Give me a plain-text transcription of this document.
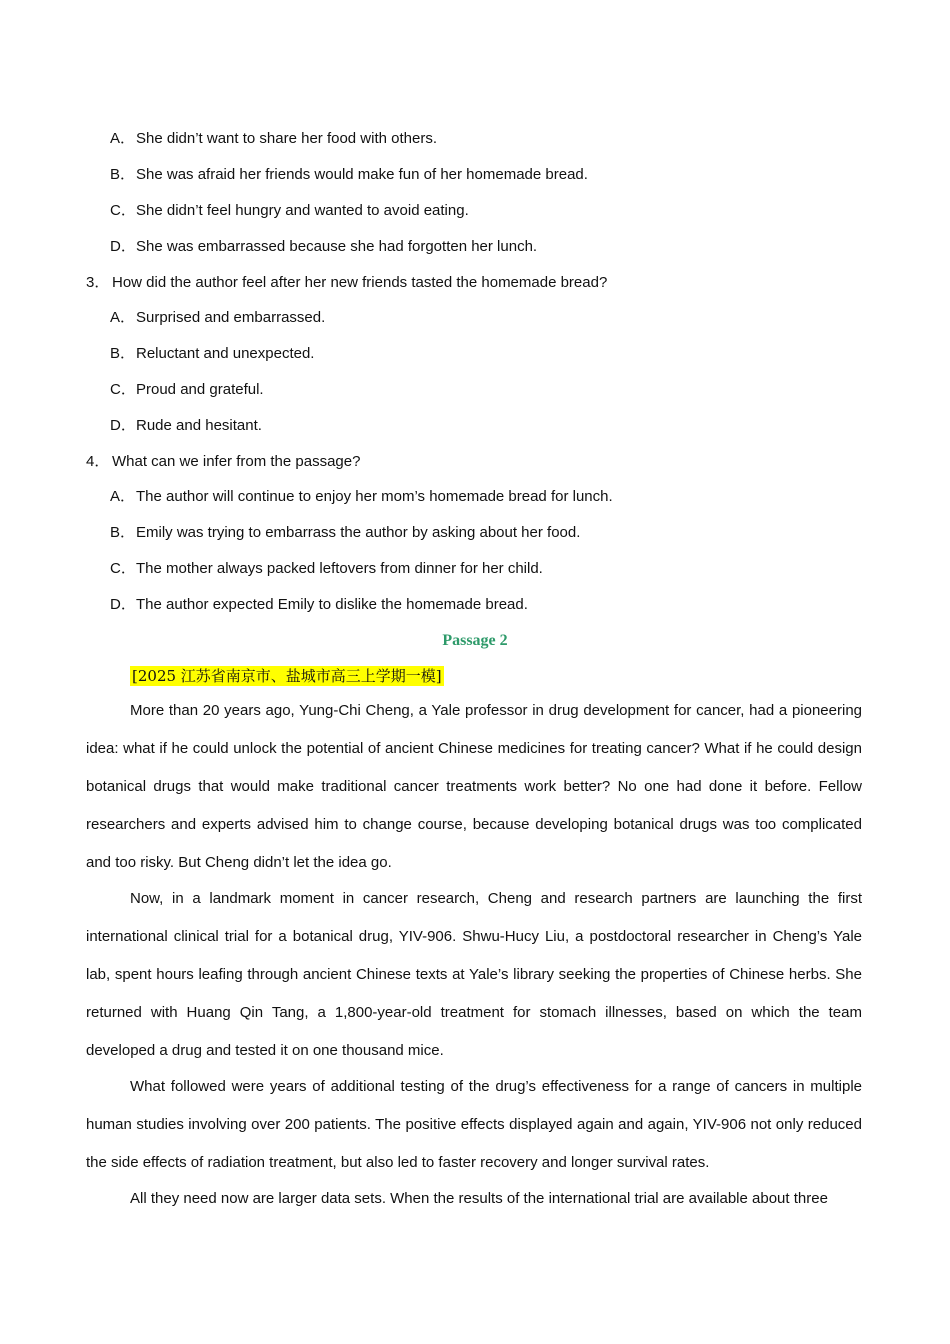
A．She didn’t want to share her food with others.
B．She was afraid her friends would make fun of her homemade bread.
C．She didn’t feel hungry and wanted to avoid eating.
D．She was embarrassed because she had forgotten her lunch.
3． How did the author feel after her new friends tasted the homemade bread?
A．Surprised and embarrassed.
B．Reluctant and unexpected.
C．Proud and grateful.
D．Rude and hesitant.
4． What can we infer from the passage?
A．The author will continue to enjoy her mom’s homemade bread for lunch.
B．Emily was trying to embarrass the author by asking about her food.
C．The mother always packed leftovers from dinner for her child.
D．The author expected Emily to dislike the homemade bread.
Passage 2
[2025 江苏省南京市、盐城市高三上学期一模]

More than 20 years ago, Yung-Chi Cheng, a Yale professor in drug development for cancer, had a pioneering idea: what if he could unlock the potential of ancient Chinese medicines for treating cancer? What if he could design botanical drugs that would make traditional cancer treatments work better? No one had done it before. Fellow researchers and experts advised him to change course, because developing botanical drugs was too complicated and too risky. But Cheng didn’t let the idea go.

Now, in a landmark moment in cancer research, Cheng and research partners are launching the first international clinical trial for a botanical drug, YIV-906. Shwu-Hucy Liu, a postdoctoral researcher in Cheng’s Yale lab, spent hours leafing through ancient Chinese texts at Yale’s library seeking the properties of Chinese herbs. She returned with Huang Qin Tang, a 1,800-year-old treatment for stomach illnesses, based on which the team developed a drug and tested it on one thousand mice.

What followed were years of additional testing of the drug’s effectiveness for a range of cancers in multiple human studies involving over 200 patients. The positive effects displayed again and again, YIV-906 not only reduced the side effects of radiation treatment, but also led to faster recovery and longer survival rates.

All they need now are larger data sets. When the results of the international trial are available about three
